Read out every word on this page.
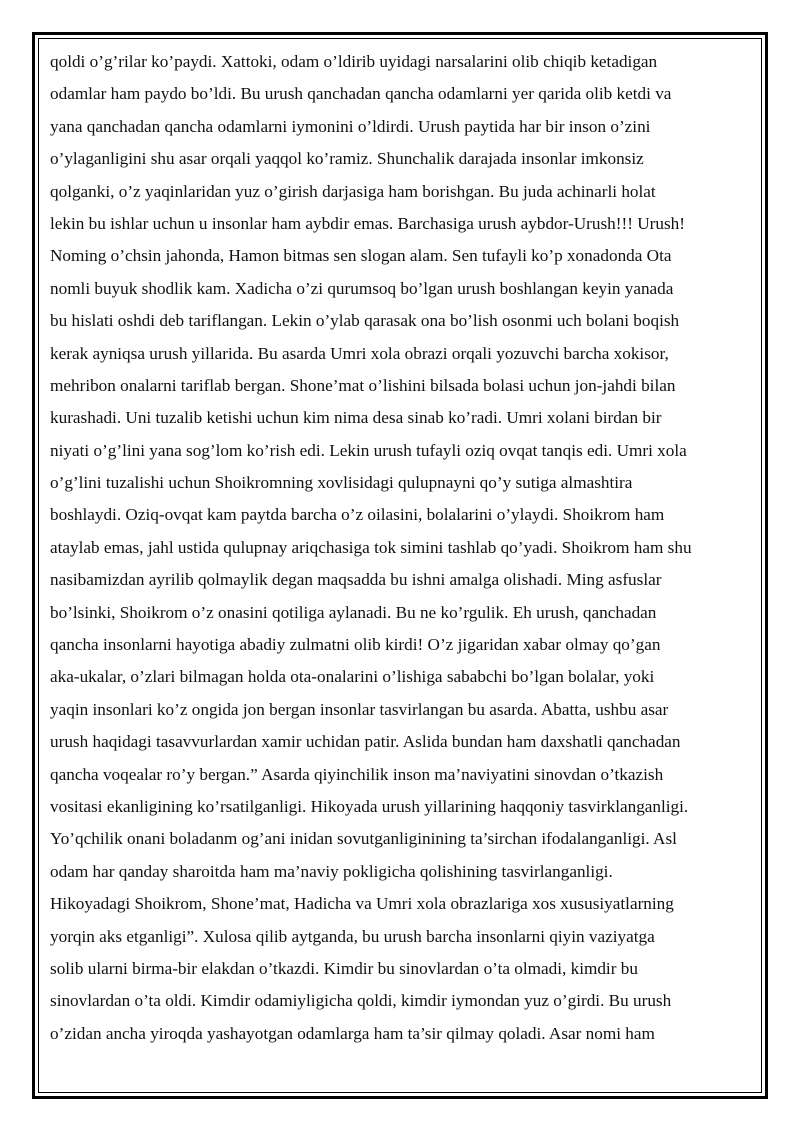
qoldi o’g’rilar ko’paydi. Xattoki, odam o’ldirib uyidagi narsalarini olib chiqib ketadigan
odamlar ham paydo bo’ldi. Bu urush qanchadan qancha odamlarni yer qarida olib ketdi va
yana qanchadan qancha odamlarni iymonini o’ldirdi. Urush paytida har bir inson o’zini
o’ylaganligini shu asar orqali yaqqol ko’ramiz. Shunchalik darajada insonlar imkonsiz
qolganki, o’z yaqinlaridan yuz o’girish darjasiga ham borishgan. Bu juda achinarli holat
lekin bu ishlar uchun u insonlar ham aybdir emas. Barchasiga urush aybdor-Urush!!! Urush!
Noming o’chsin jahonda, Hamon bitmas sen slogan alam. Sen tufayli ko’p xonadonda Ota
nomli buyuk shodlik kam. Xadicha o’zi qurumsoq bo’lgan urush boshlangan keyin yanada
bu hislati oshdi deb tariflangan. Lekin o’ylab qarasak ona bo’lish osonmi uch bolani boqish
kerak ayniqsa urush yillarida. Bu asarda Umri xola obrazi orqali yozuvchi barcha xokisor,
mehribon onalarni tariflab bergan. Shone’mat o’lishini bilsada bolasi uchun jon-jahdi bilan
kurashadi. Uni tuzalib ketishi uchun kim nima desa sinab ko’radi. Umri xolani birdan bir
niyati o’g’lini yana sog’lom ko’rish edi. Lekin urush tufayli oziq ovqat tanqis edi. Umri xola
o’g’lini tuzalishi uchun Shoikromning xovlisidagi qulupnayni qo’y sutiga almashtira
boshlaydi. Oziq-ovqat kam paytda barcha o’z oilasini, bolalarini o’ylaydi. Shoikrom ham
ataylab emas, jahl ustida qulupnay ariqchasiga tok simini tashlab qo’yadi. Shoikrom ham shu
nasibamizdan ayrilib qolmaylik degan maqsadda bu ishni amalga olishadi. Ming asfuslar
bo’lsinki, Shoikrom o’z onasini qotiliga aylanadi. Bu ne ko’rgulik. Eh urush, qanchadan
qancha insonlarni hayotiga abadiy zulmatni olib kirdi! O’z jigaridan xabar olmay qo’gan
aka-ukalar, o’zlari bilmagan holda ota-onalarini o’lishiga sababchi bo’lgan bolalar, yoki
yaqin insonlari ko’z ongida jon bergan insonlar tasvirlangan bu asarda. Abatta, ushbu asar
urush haqidagi tasavvurlardan xamir uchidan patir. Aslida bundan ham daxshatli qanchadan
qancha voqealar ro’y bergan.” Asarda qiyinchilik inson ma’naviyatini sinovdan o’tkazish
vositasi ekanligining ko’rsatilganligi. Hikoyada urush yillarining haqqoniy tasvirklanganligi.
Yo’qchilik onani boladanm og’ani inidan sovutganliginining ta’sirchan ifodalanganligi. Asl
odam har qanday sharoitda ham ma’naviy pokligicha qolishining tasvirlanganligi.
Hikoyadagi Shoikrom, Shone’mat, Hadicha va Umri xola obrazlariga xos xususiyatlarning
yorqin aks etganligi”. Xulosa qilib aytganda, bu urush barcha insonlarni qiyin vaziyatga
solib ularni birma-bir elakdan o’tkazdi. Kimdir bu sinovlardan o’ta olmadi, kimdir bu
sinovlardan o’ta oldi. Kimdir odamiyligicha qoldi, kimdir iymondan yuz o’girdi. Bu urush
o’zidan ancha yiroqda yashayotgan odamlarga ham ta’sir qilmay qoladi. Asar nomi ham
